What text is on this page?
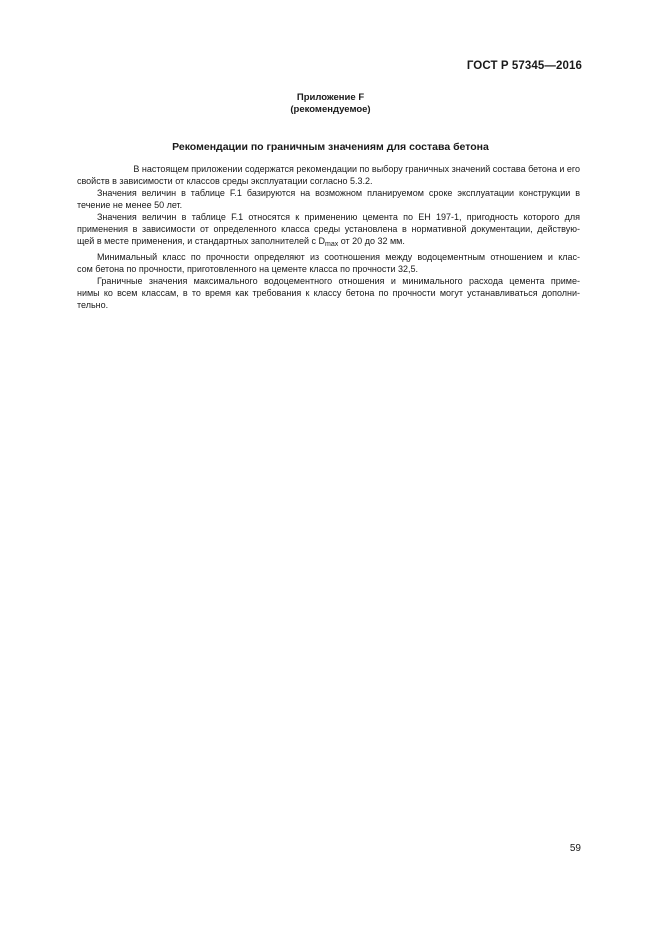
ГОСТ Р 57345—2016
Приложение F
(рекомендуемое)
Рекомендации по граничным значениям для состава бетона
В настоящем приложении содержатся рекомендации по выбору граничных значений состава бетона и его
свойств в зависимости от классов среды эксплуатации согласно 5.3.2.
Значения величин в таблице F.1 базируются на возможном планируемом сроке эксплуатации конструкции в
течение не менее 50 лет.
Значения величин в таблице F.1 относятся к применению цемента по ЕН 197-1, пригодность которого для
применения в зависимости от определенного класса среды установлена в нормативной документации, действую-
щей в месте применения, и стандартных заполнителей с $D_{max}$ от 20 до 32 мм.
Минимальный класс по прочности определяют из соотношения между водоцементным отношением и клас-
сом бетона по прочности, приготовленного на цементе класса по прочности 32,5.
Граничные значения максимального водоцементного отношения и минимального расхода цемента приме-
нимы ко всем классам, в то время как требования к классу бетона по прочности могут устанавливаться дополни-
тельно.
59
